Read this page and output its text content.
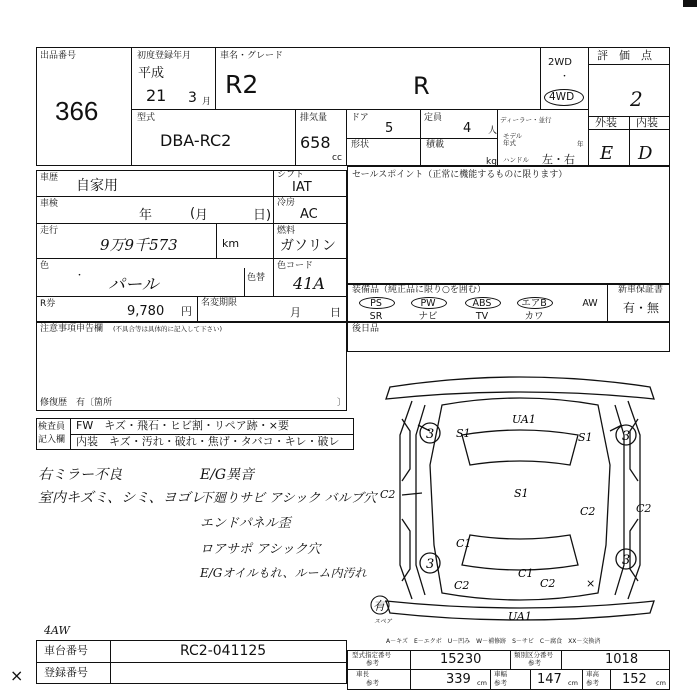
出品番号
366
初度登録年月	車名・グレード
平成
21 3 月
R2	R
2WD
・
4WD
評　価　点
2
外装 内装
E D
型式
DBA-RC2
排気量
658
cc
ドア
5
定員
4 人
ディーラー・並行
モデル年式	年
形状	積載
kg ハンドル 左・右
車歴 自家用
シフト
IAT
車検
年	月	日)
(
冷房
AC
走行
9万9千573	km
燃料
ガソリン
色
・ パール	色替
色コード
41A
R券	9,780 円
名変期限
月	日
セールスポイント（正常に機能するものに限ります）
装備品（純正品に限り○を囲む）	新車保証書
有・無
PS	PW	ABS	エアB	AW
SR	ナビ	TV	カワ
注意事項申告欄 (不具合等は具体的に記入して下さい)
修復歴　有〔箇所	〕
後日品
検査員
記入欄
FW　キズ・飛石・ヒビ割・リペア跡・×要
内装　キズ・汚れ・破れ・焦げ・タバコ・キレ・破レ
右ミラー不良
室内キズミ、シミ、ヨゴレ
E/G異音
下廻りサビ アシック バルブ穴
エンドパネル歪
ロアサポ アシック穴
E/Gオイルもれ、ルーム内汚れ
3	3
3	3
S1	S1
S1
UA1
C1
C1
C2
C2	C2	×
UA1
有
スペア
C2
C2
A－キズ　E－エクボ　U－凹み　W－補修跡　S－サビ　C－腐食　XX－交換済
4AW
×
車台番号	RC2-041125
登録番号
型式指定番号
参考	15230	類別区分番号
参考	1018
車長
参考	339 cm
車幅
参考 147 cm
車高
参考 152 cm
